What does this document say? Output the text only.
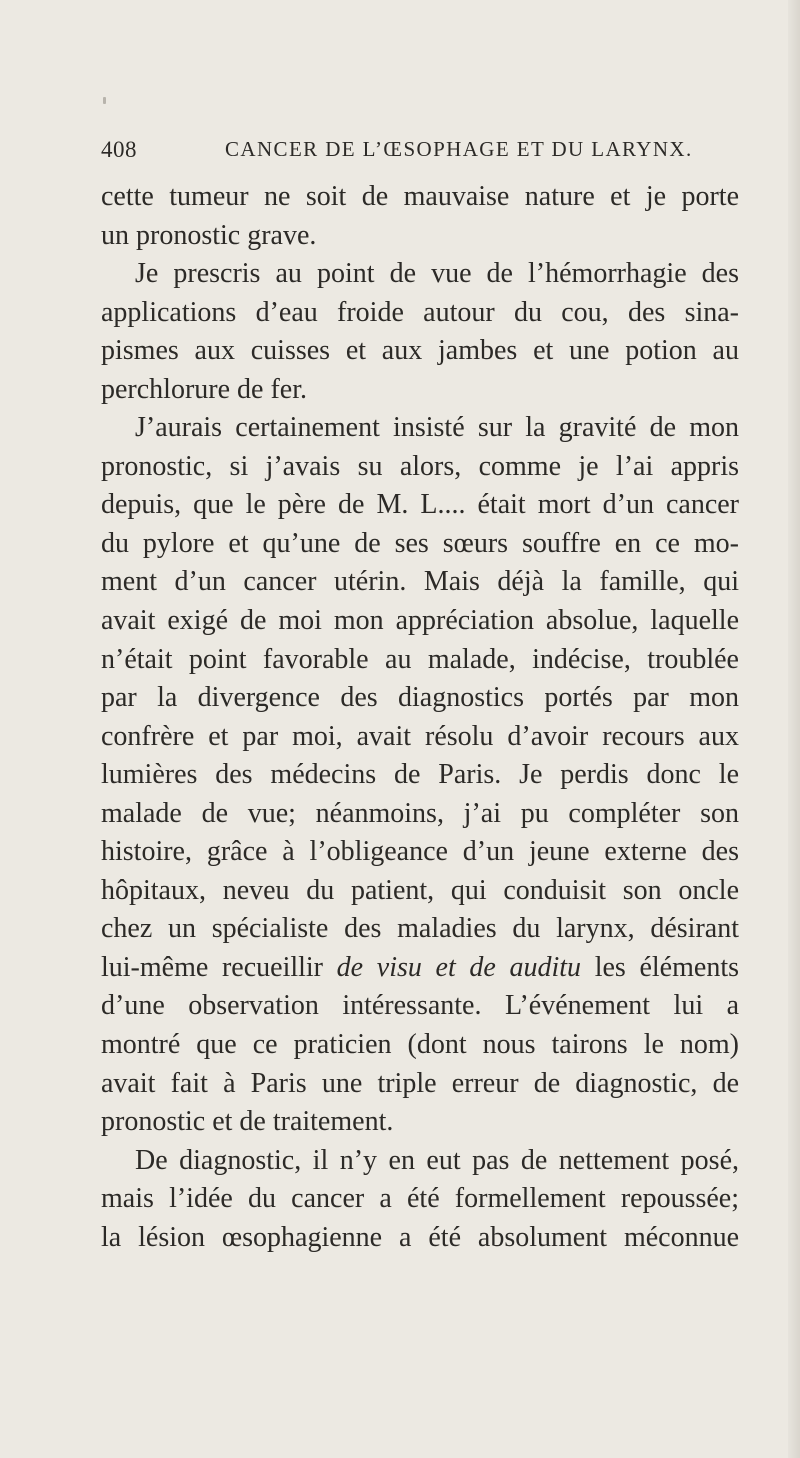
408	CANCER DE L’ŒSOPHAGE ET DU LARYNX.
cette tumeur ne soit de mauvaise nature et je porte
un pronostic grave.
Je prescris au point de vue de l’hémorrhagie des
applications d’eau froide autour du cou, des sina-
pismes aux cuisses et aux jambes et une potion au
perchlorure de fer.
J’aurais certainement insisté sur la gravité de mon
pronostic, si j’avais su alors, comme je l’ai appris
depuis, que le père de M. L.... était mort d’un cancer
du pylore et qu’une de ses sœurs souffre en ce mo-
ment d’un cancer utérin. Mais déjà la famille, qui
avait exigé de moi mon appréciation absolue, laquelle
n’était point favorable au malade, indécise, troublée
par la divergence des diagnostics portés par mon
confrère et par moi, avait résolu d’avoir recours aux
lumières des médecins de Paris. Je perdis donc le
malade de vue; néanmoins, j’ai pu compléter son
histoire, grâce à l’obligeance d’un jeune externe des
hôpitaux, neveu du patient, qui conduisit son oncle
chez un spécialiste des maladies du larynx, désirant
lui-même recueillir de visu et de auditu les éléments
d’une observation intéressante. L’événement lui a
montré que ce praticien (dont nous tairons le nom)
avait fait à Paris une triple erreur de diagnostic, de
pronostic et de traitement.
De diagnostic, il n’y en eut pas de nettement posé,
mais l’idée du cancer a été formellement repoussée;
la lésion œsophagienne a été absolument méconnue
